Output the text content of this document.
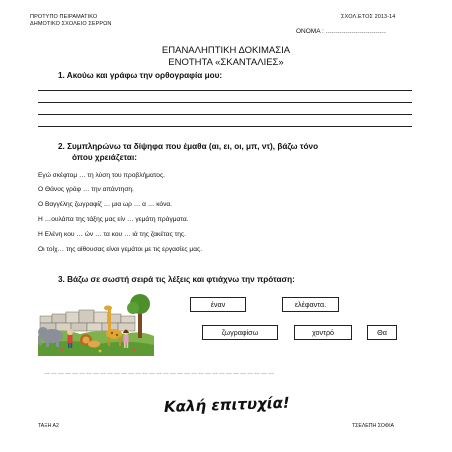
ΠΡΟΤΥΠΟ ΠΕΙΡΑΜΑΤΙΚΟ
ΔΗΜΟΤΙΚΟ ΣΧΟΛΕΙΟ ΣΕΡΡΩΝ
ΣΧΟΛ.ΕΤΟΣ 2013-14
ΟΝΟΜΑ : …………………………
ΕΠΑΝΑΛΗΠΤΙΚΗ ΔΟΚΙΜΑΣΙΑ
ΕΝΟΤΗΤΑ «ΣΚΑΝΤΑΛΙΕΣ»
1. Ακούω και γράφω την ορθογραφία μου:
2. Συμπληρώνω τα δίψηφα που έμαθα (αι, ει, οι, μπ, ντ), βάζω τόνο
όπου χρειάζεται:
Εγώ σκέφτομ … τη λύση του προβλήματος.
Ο Θάνος γράφ … την απάντηση.
Ο Βαγγέλης ζωγραφίζ … μια ωρ … α … κόνα.
Η …ουλάπα της τάξης μας είν … γεμάτη πράγματα.
Η Ελένη κου … ών … τα κου … ιά της ζακέτας της.
Οι τοίχ… της αίθουσας είναι γεμάτοι με τις εργασίες μας.
3. Βάζω σε σωστή σειρά τις λέξεις και φτιάχνω την πρόταση:
έναν	ελέφαντα.
ζωγραφίσω	χοντρό	Θα
………………………………………………………………………………………
Καλή επιτυχία!
ΤΑΞΗ Α2	ΤΣΕΛΕΠΗ ΣΟΦΙΑ
